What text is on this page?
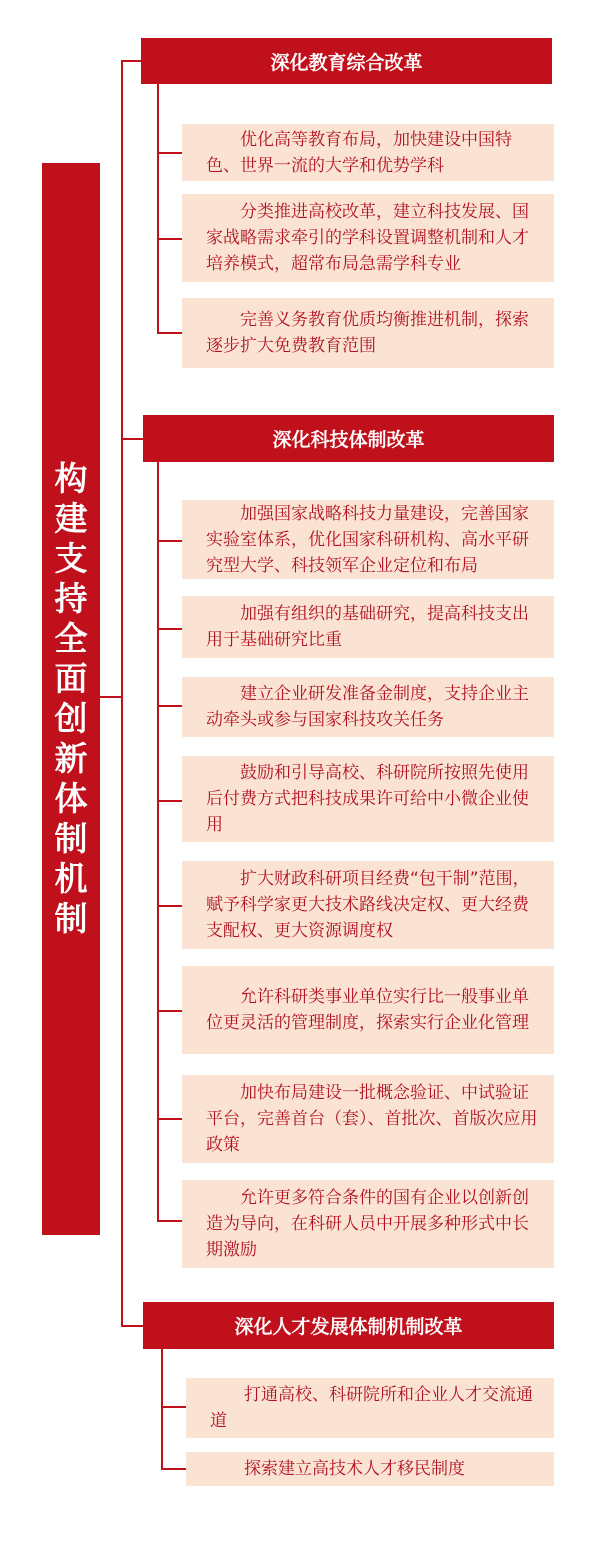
构建支持全面创新体制机制
深化教育综合改革
优化高等教育布局，加快建设中国特色、世界一流的大学和优势学科
分类推进高校改革，建立科技发展、国家战略需求牵引的学科设置调整机制和人才培养模式，超常布局急需学科专业
完善义务教育优质均衡推进机制，探索逐步扩大免费教育范围
深化科技体制改革
加强国家战略科技力量建设，完善国家实验室体系，优化国家科研机构、高水平研究型大学、科技领军企业定位和布局
加强有组织的基础研究，提高科技支出用于基础研究比重
建立企业研发准备金制度，支持企业主动牵头或参与国家科技攻关任务
鼓励和引导高校、科研院所按照先使用后付费方式把科技成果许可给中小微企业使用
扩大财政科研项目经费“包干制”范围，赋予科学家更大技术路线决定权、更大经费支配权、更大资源调度权
允许科研类事业单位实行比一般事业单位更灵活的管理制度，探索实行企业化管理
加快布局建设一批概念验证、中试验证平台，完善首台（套）、首批次、首版次应用政策
允许更多符合条件的国有企业以创新创造为导向，在科研人员中开展多种形式中长期激励
深化人才发展体制机制改革
打通高校、科研院所和企业人才交流通道
探索建立高技术人才移民制度
